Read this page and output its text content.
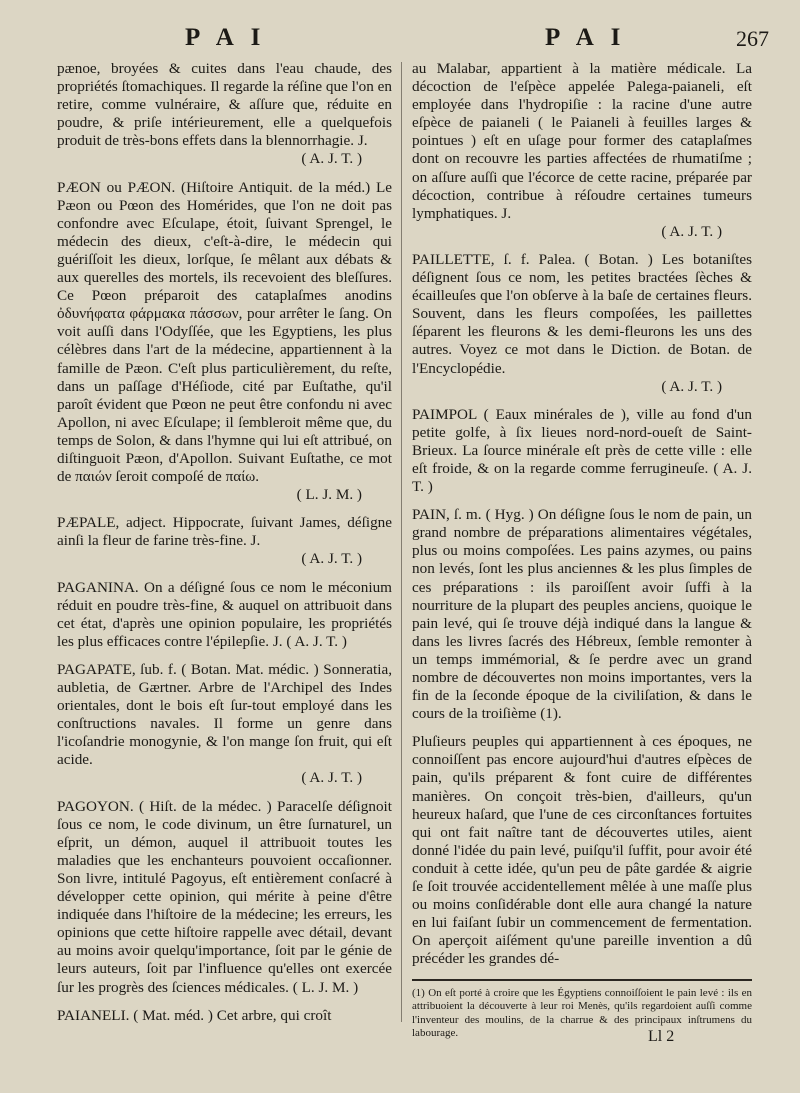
P A I	P A I	267

pænoe, broyées & cuites dans l'eau chaude, des propriétés ſtomachiques. Il regarde la réſine que l'on en retire, comme vulnéraire, & aſſure que, réduite en poudre, & priſe intérieurement, elle a quelquefois produit de très-bons effets dans la blennorrhagie. J.

( A. J. T. )

PÆON ou PÆON. (Hiſtoire Antiquit. de la méd.) Le Pæon ou Pœon des Homérides, que l'on ne doit pas confondre avec Eſculape, étoit, ſuivant Sprengel, le médecin des dieux, c'eſt-à-dire, le médecin qui guériſſoit les dieux, lorſque, ſe mêlant aux débats & aux querelles des mortels, ils recevoient des bleſſures. Ce Pœon préparoit des cataplaſmes anodins ὀδυνήφατα φάρμακα πάσσων, pour arrêter le ſang. On voit auſſi dans l'Odyſſée, que les Egyptiens, les plus célèbres dans l'art de la médecine, appartiennent à la famille de Pæon. C'eſt plus particulièrement, du reſte, dans un paſſage d'Héſiode, cité par Euſtathe, qu'il paroît évident que Pœon ne peut être confondu ni avec Apollon, ni avec Eſculape; il ſembleroit même que, du temps de Solon, & dans l'hymne qui lui eſt attribué, on diſtinguoit Pæon, d'Apollon. Suivant Euſtathe, ce mot de παιών ſeroit compoſé de παίω.

( L. J. M. )

PÆPALE, adject. Hippocrate, ſuivant James, déſigne ainſi la fleur de farine très-fine. J.

( A. J. T. )

PAGANINA. On a déſigné ſous ce nom le méconium réduit en poudre très-fine, & auquel on attribuoit dans cet état, d'après une opinion populaire, les propriétés les plus efficaces contre l'épilepſie. J. ( A. J. T. )

PAGAPATE, ſub. f. ( Botan. Mat. médic. ) Sonneratia, aubletia, de Gærtner. Arbre de l'Archipel des Indes orientales, dont le bois eſt ſur-tout employé dans les conſtructions navales. Il forme un genre dans l'icoſandrie monogynie, & l'on mange ſon fruit, qui eſt acide.

( A. J. T. )

PAGOYON. ( Hiſt. de la médec. ) Paracelſe déſignoit ſous ce nom, le code divinum, un être ſurnaturel, un eſprit, un démon, auquel il attribuoit toutes les maladies que les enchanteurs pouvoient occaſionner. Son livre, intitulé Pagoyus, eſt entièrement conſacré à développer cette opinion, qui mérite à peine d'être indiquée dans l'hiſtoire de la médecine; les erreurs, les opinions que cette hiſtoire rappelle avec détail, devant au moins avoir quelqu'importance, ſoit par le génie de leurs auteurs, ſoit par l'influence qu'elles ont exercée ſur les progrès des ſciences médicales. ( L. J. M. )

PAIANELI. ( Mat. méd. ) Cet arbre, qui croît

au Malabar, appartient à la matière médicale. La décoction de l'eſpèce appelée Palega-paianeli, eſt employée dans l'hydropiſie : la racine d'une autre eſpèce de paianeli ( le Paianeli à feuilles larges & pointues ) eſt en uſage pour former des cataplaſmes dont on recouvre les parties affectées de rhumatiſme ; on aſſure auſſi que l'écorce de cette racine, préparée par décoction, contribue à réſoudre certaines tumeurs lymphatiques. J.

( A. J. T. )

PAILLETTE, ſ. f. Palea. ( Botan. ) Les botaniſtes déſignent ſous ce nom, les petites bractées ſèches & écailleuſes que l'on obſerve à la baſe de certaines fleurs. Souvent, dans les fleurs compoſées, les paillettes ſéparent les fleurons & les demi-fleurons les uns des autres. Voyez ce mot dans le Diction. de Botan. de l'Encyclopédie.

( A. J. T. )

PAIMPOL ( Eaux minérales de ), ville au fond d'un petite golfe, à ſix lieues nord-nord-oueſt de Saint-Brieux. La ſource minérale eſt près de cette ville : elle eſt froide, & on la regarde comme ferrugineuſe. ( A. J. T. )

PAIN, ſ. m. ( Hyg. ) On déſigne ſous le nom de pain, un grand nombre de préparations alimentaires végétales, plus ou moins compoſées. Les pains azymes, ou pains non levés, ſont les plus anciennes & les plus ſimples de ces préparations : ils paroiſſent avoir ſuffi à la nourriture de la plupart des peuples anciens, quoique le pain levé, qui ſe trouve déjà indiqué dans la langue & dans les livres ſacrés des Hébreux, ſemble remonter à un temps immémorial, & ſe perdre avec un grand nombre de découvertes non moins importantes, vers la fin de la ſeconde époque de la civiliſation, & dans le cours de la troiſième (1).

Pluſieurs peuples qui appartiennent à ces époques, ne connoiſſent pas encore aujourd'hui d'autres eſpèces de pain, qu'ils préparent & font cuire de différentes manières. On conçoit très-bien, d'ailleurs, qu'un heureux haſard, que l'une de ces circonſtances fortuites qui ont fait naître tant de découvertes utiles, aient donné l'idée du pain levé, puiſqu'il ſuffit, pour avoir été conduit à cette idée, qu'un peu de pâte gardée & aigrie ſe ſoit trouvée accidentellement mêlée à une maſſe plus ou moins conſidérable dont elle aura changé la nature en lui faiſant ſubir un commencement de fermentation. On aperçoit aiſément qu'une pareille invention a dû précéder les grandes dé-

(1) On eſt porté à croire que les Égyptiens connoiſſoient le pain levé : ils en attribuoient la découverte à leur roi Menès, qu'ils regardoient auſſi comme l'inventeur des moulins, de la charrue & des principaux inſtrumens du labourage.	Ll 2
